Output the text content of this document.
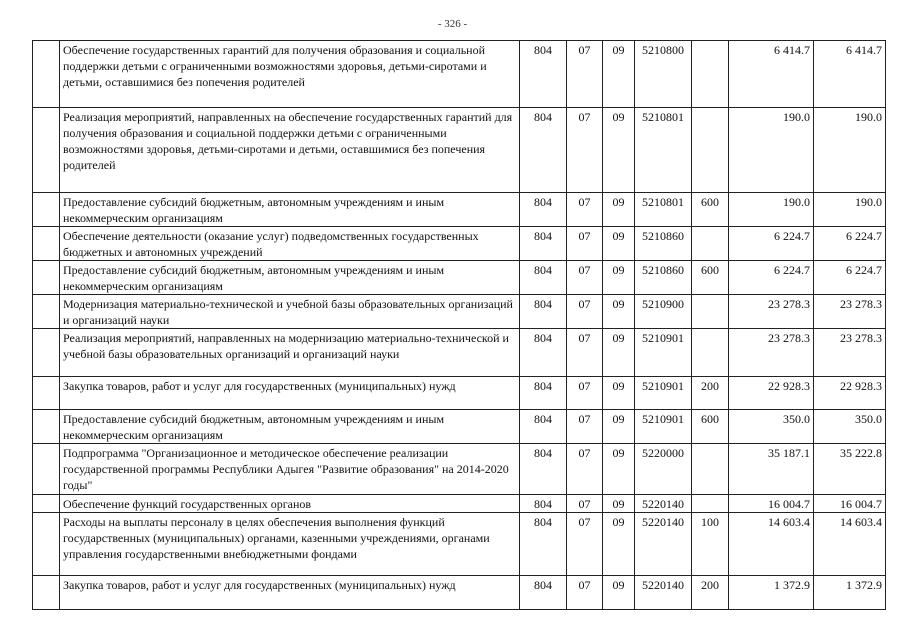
- 326 -
	Обеспечение государственных гарантий для получения образования и социальной поддержки детьми с ограниченными возможностями здоровья, детьми-сиротами и детьми, оставшимися без попечения родителей	804	07	09	5210800		6 414.7	6 414.7
	Реализация мероприятий, направленных на обеспечение государственных гарантий для получения образования и социальной поддержки детьми с ограниченными возможностями здоровья, детьми-сиротами и детьми, оставшимися без попечения родителей	804	07	09	5210801		190.0	190.0
	Предоставление субсидий бюджетным, автономным учреждениям и иным некоммерческим организациям	804	07	09	5210801	600	190.0	190.0
	Обеспечение деятельности (оказание услуг) подведомственных государственных бюджетных и автономных учреждений	804	07	09	5210860		6 224.7	6 224.7
	Предоставление субсидий бюджетным, автономным учреждениям и иным некоммерческим организациям	804	07	09	5210860	600	6 224.7	6 224.7
	Модернизация материально-технической и учебной базы образовательных организаций и организаций науки	804	07	09	5210900		23 278.3	23 278.3
	Реализация мероприятий, направленных на модернизацию материально-технической и учебной базы образовательных организаций и организаций науки	804	07	09	5210901		23 278.3	23 278.3
	Закупка товаров, работ и услуг для государственных (муниципальных) нужд	804	07	09	5210901	200	22 928.3	22 928.3
	Предоставление субсидий бюджетным, автономным учреждениям и иным некоммерческим организациям	804	07	09	5210901	600	350.0	350.0
	Подпрограмма "Организационное и методическое обеспечение реализации государственной программы Республики Адыгея "Развитие образования" на 2014-2020 годы"	804	07	09	5220000		35 187.1	35 222.8
	Обеспечение функций государственных органов	804	07	09	5220140		16 004.7	16 004.7
	Расходы на выплаты персоналу в целях обеспечения выполнения функций государственных (муниципальных) органами, казенными учреждениями, органами управления государственными внебюджетными фондами	804	07	09	5220140	100	14 603.4	14 603.4
	Закупка товаров, работ и услуг для государственных (муниципальных) нужд	804	07	09	5220140	200	1 372.9	1 372.9
